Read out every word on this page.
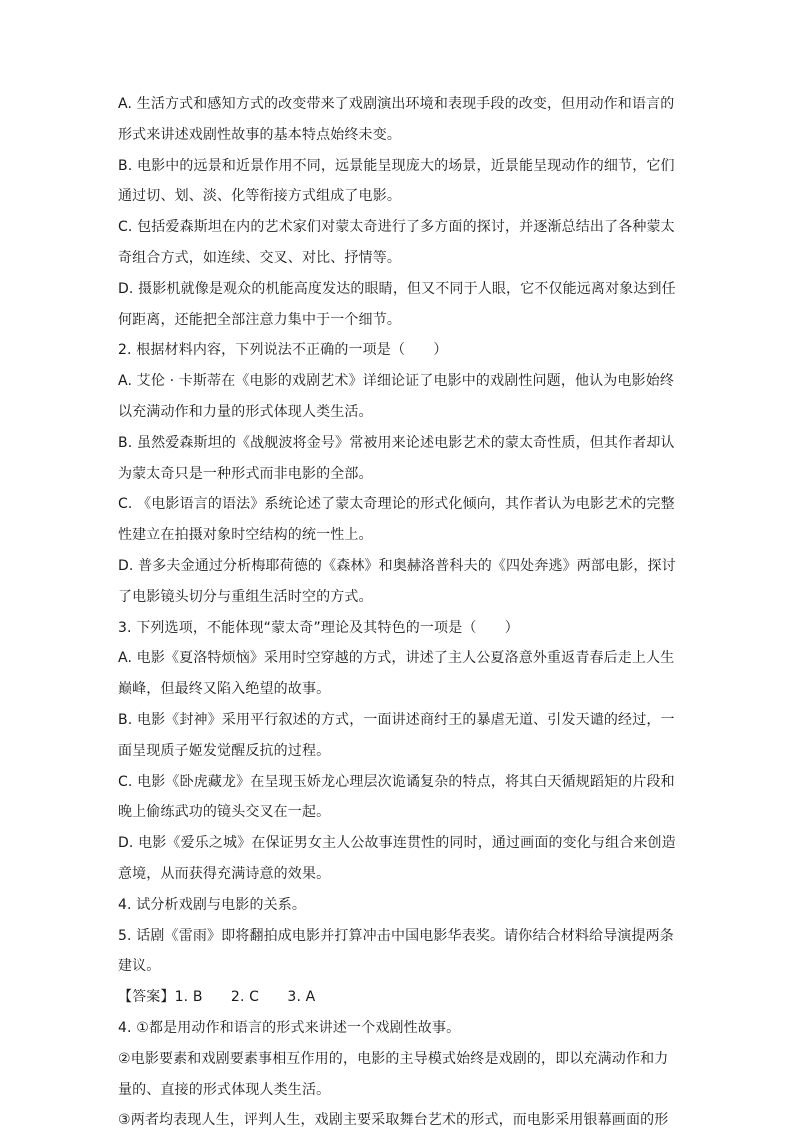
A. 生活方式和感知方式的改变带来了戏剧演出环境和表现手段的改变，但用动作和语言的
形式来讲述戏剧性故事的基本特点始终未变。
B. 电影中的远景和近景作用不同，远景能呈现庞大的场景，近景能呈现动作的细节，它们
通过切、划、淡、化等衔接方式组成了电影。
C. 包括爱森斯坦在内的艺术家们对蒙太奇进行了多方面的探讨，并逐渐总结出了各种蒙太
奇组合方式，如连续、交叉、对比、抒情等。
D. 摄影机就像是观众的机能高度发达的眼睛，但又不同于人眼，它不仅能远离对象达到任
何距离，还能把全部注意力集中于一个细节。
2. 根据材料内容，下列说法不正确的一项是（　　）
A. 艾伦 · 卡斯蒂在《电影的戏剧艺术》详细论证了电影中的戏剧性问题，他认为电影始终
以充满动作和力量的形式体现人类生活。
B. 虽然爱森斯坦的《战舰波将金号》常被用来论述电影艺术的蒙太奇性质，但其作者却认
为蒙太奇只是一种形式而非电影的全部。
C. 《电影语言的语法》系统论述了蒙太奇理论的形式化倾向，其作者认为电影艺术的完整
性建立在拍摄对象时空结构的统一性上。
D. 普多夫金通过分析梅耶荷德的《森林》和奥赫洛普科夫的《四处奔逃》两部电影，探讨
了电影镜头切分与重组生活时空的方式。
3. 下列选项，不能体现“蒙太奇”理论及其特色的一项是（　　）
A. 电影《夏洛特烦恼》采用时空穿越的方式，讲述了主人公夏洛意外重返青春后走上人生
巅峰，但最终又陷入绝望的故事。
B. 电影《封神》采用平行叙述的方式，一面讲述商纣王的暴虐无道、引发天谴的经过，一
面呈现质子姬发觉醒反抗的过程。
C. 电影《卧虎藏龙》在呈现玉娇龙心理层次诡谲复杂的特点，将其白天循规蹈矩的片段和
晚上偷练武功的镜头交叉在一起。
D. 电影《爱乐之城》在保证男女主人公故事连贯性的同时，通过画面的变化与组合来创造
意境，从而获得充满诗意的效果。
4. 试分析戏剧与电影的关系。
5. 话剧《雷雨》即将翻拍成电影并打算冲击中国电影华表奖。请你结合材料给导演提两条
建议。
【答案】1. B　　2. C　　3. A
4. ①都是用动作和语言的形式来讲述一个戏剧性故事。
②电影要素和戏剧要素事相互作用的，电影的主导模式始终是戏剧的，即以充满动作和力
量的、直接的形式体现人类生活。
③两者均表现人生，评判人生，戏剧主要采取舞台艺术的形式，而电影采用银幕画面的形
